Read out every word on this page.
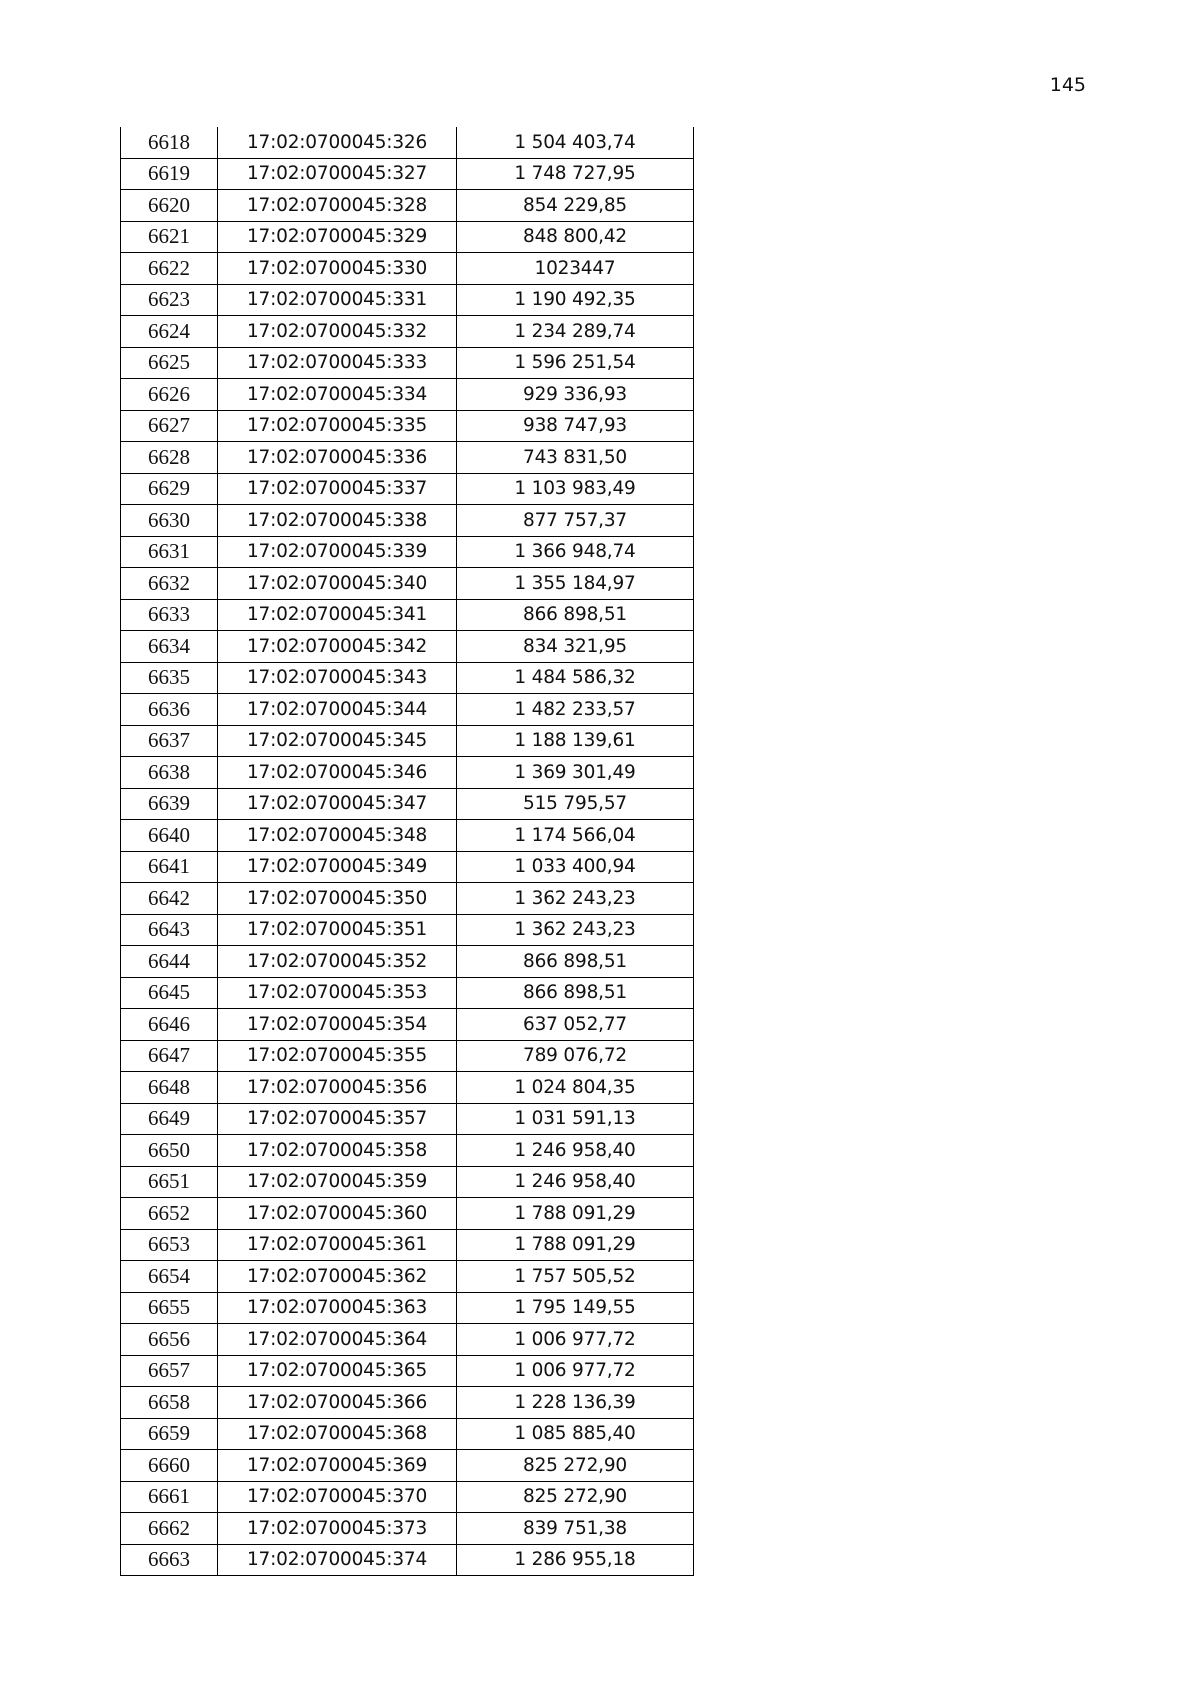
145
6618	17:02:0700045:326	1 504 403,74
6619	17:02:0700045:327	1 748 727,95
6620	17:02:0700045:328	854 229,85
6621	17:02:0700045:329	848 800,42
6622	17:02:0700045:330	1023447
6623	17:02:0700045:331	1 190 492,35
6624	17:02:0700045:332	1 234 289,74
6625	17:02:0700045:333	1 596 251,54
6626	17:02:0700045:334	929 336,93
6627	17:02:0700045:335	938 747,93
6628	17:02:0700045:336	743 831,50
6629	17:02:0700045:337	1 103 983,49
6630	17:02:0700045:338	877 757,37
6631	17:02:0700045:339	1 366 948,74
6632	17:02:0700045:340	1 355 184,97
6633	17:02:0700045:341	866 898,51
6634	17:02:0700045:342	834 321,95
6635	17:02:0700045:343	1 484 586,32
6636	17:02:0700045:344	1 482 233,57
6637	17:02:0700045:345	1 188 139,61
6638	17:02:0700045:346	1 369 301,49
6639	17:02:0700045:347	515 795,57
6640	17:02:0700045:348	1 174 566,04
6641	17:02:0700045:349	1 033 400,94
6642	17:02:0700045:350	1 362 243,23
6643	17:02:0700045:351	1 362 243,23
6644	17:02:0700045:352	866 898,51
6645	17:02:0700045:353	866 898,51
6646	17:02:0700045:354	637 052,77
6647	17:02:0700045:355	789 076,72
6648	17:02:0700045:356	1 024 804,35
6649	17:02:0700045:357	1 031 591,13
6650	17:02:0700045:358	1 246 958,40
6651	17:02:0700045:359	1 246 958,40
6652	17:02:0700045:360	1 788 091,29
6653	17:02:0700045:361	1 788 091,29
6654	17:02:0700045:362	1 757 505,52
6655	17:02:0700045:363	1 795 149,55
6656	17:02:0700045:364	1 006 977,72
6657	17:02:0700045:365	1 006 977,72
6658	17:02:0700045:366	1 228 136,39
6659	17:02:0700045:368	1 085 885,40
6660	17:02:0700045:369	825 272,90
6661	17:02:0700045:370	825 272,90
6662	17:02:0700045:373	839 751,38
6663	17:02:0700045:374	1 286 955,18
